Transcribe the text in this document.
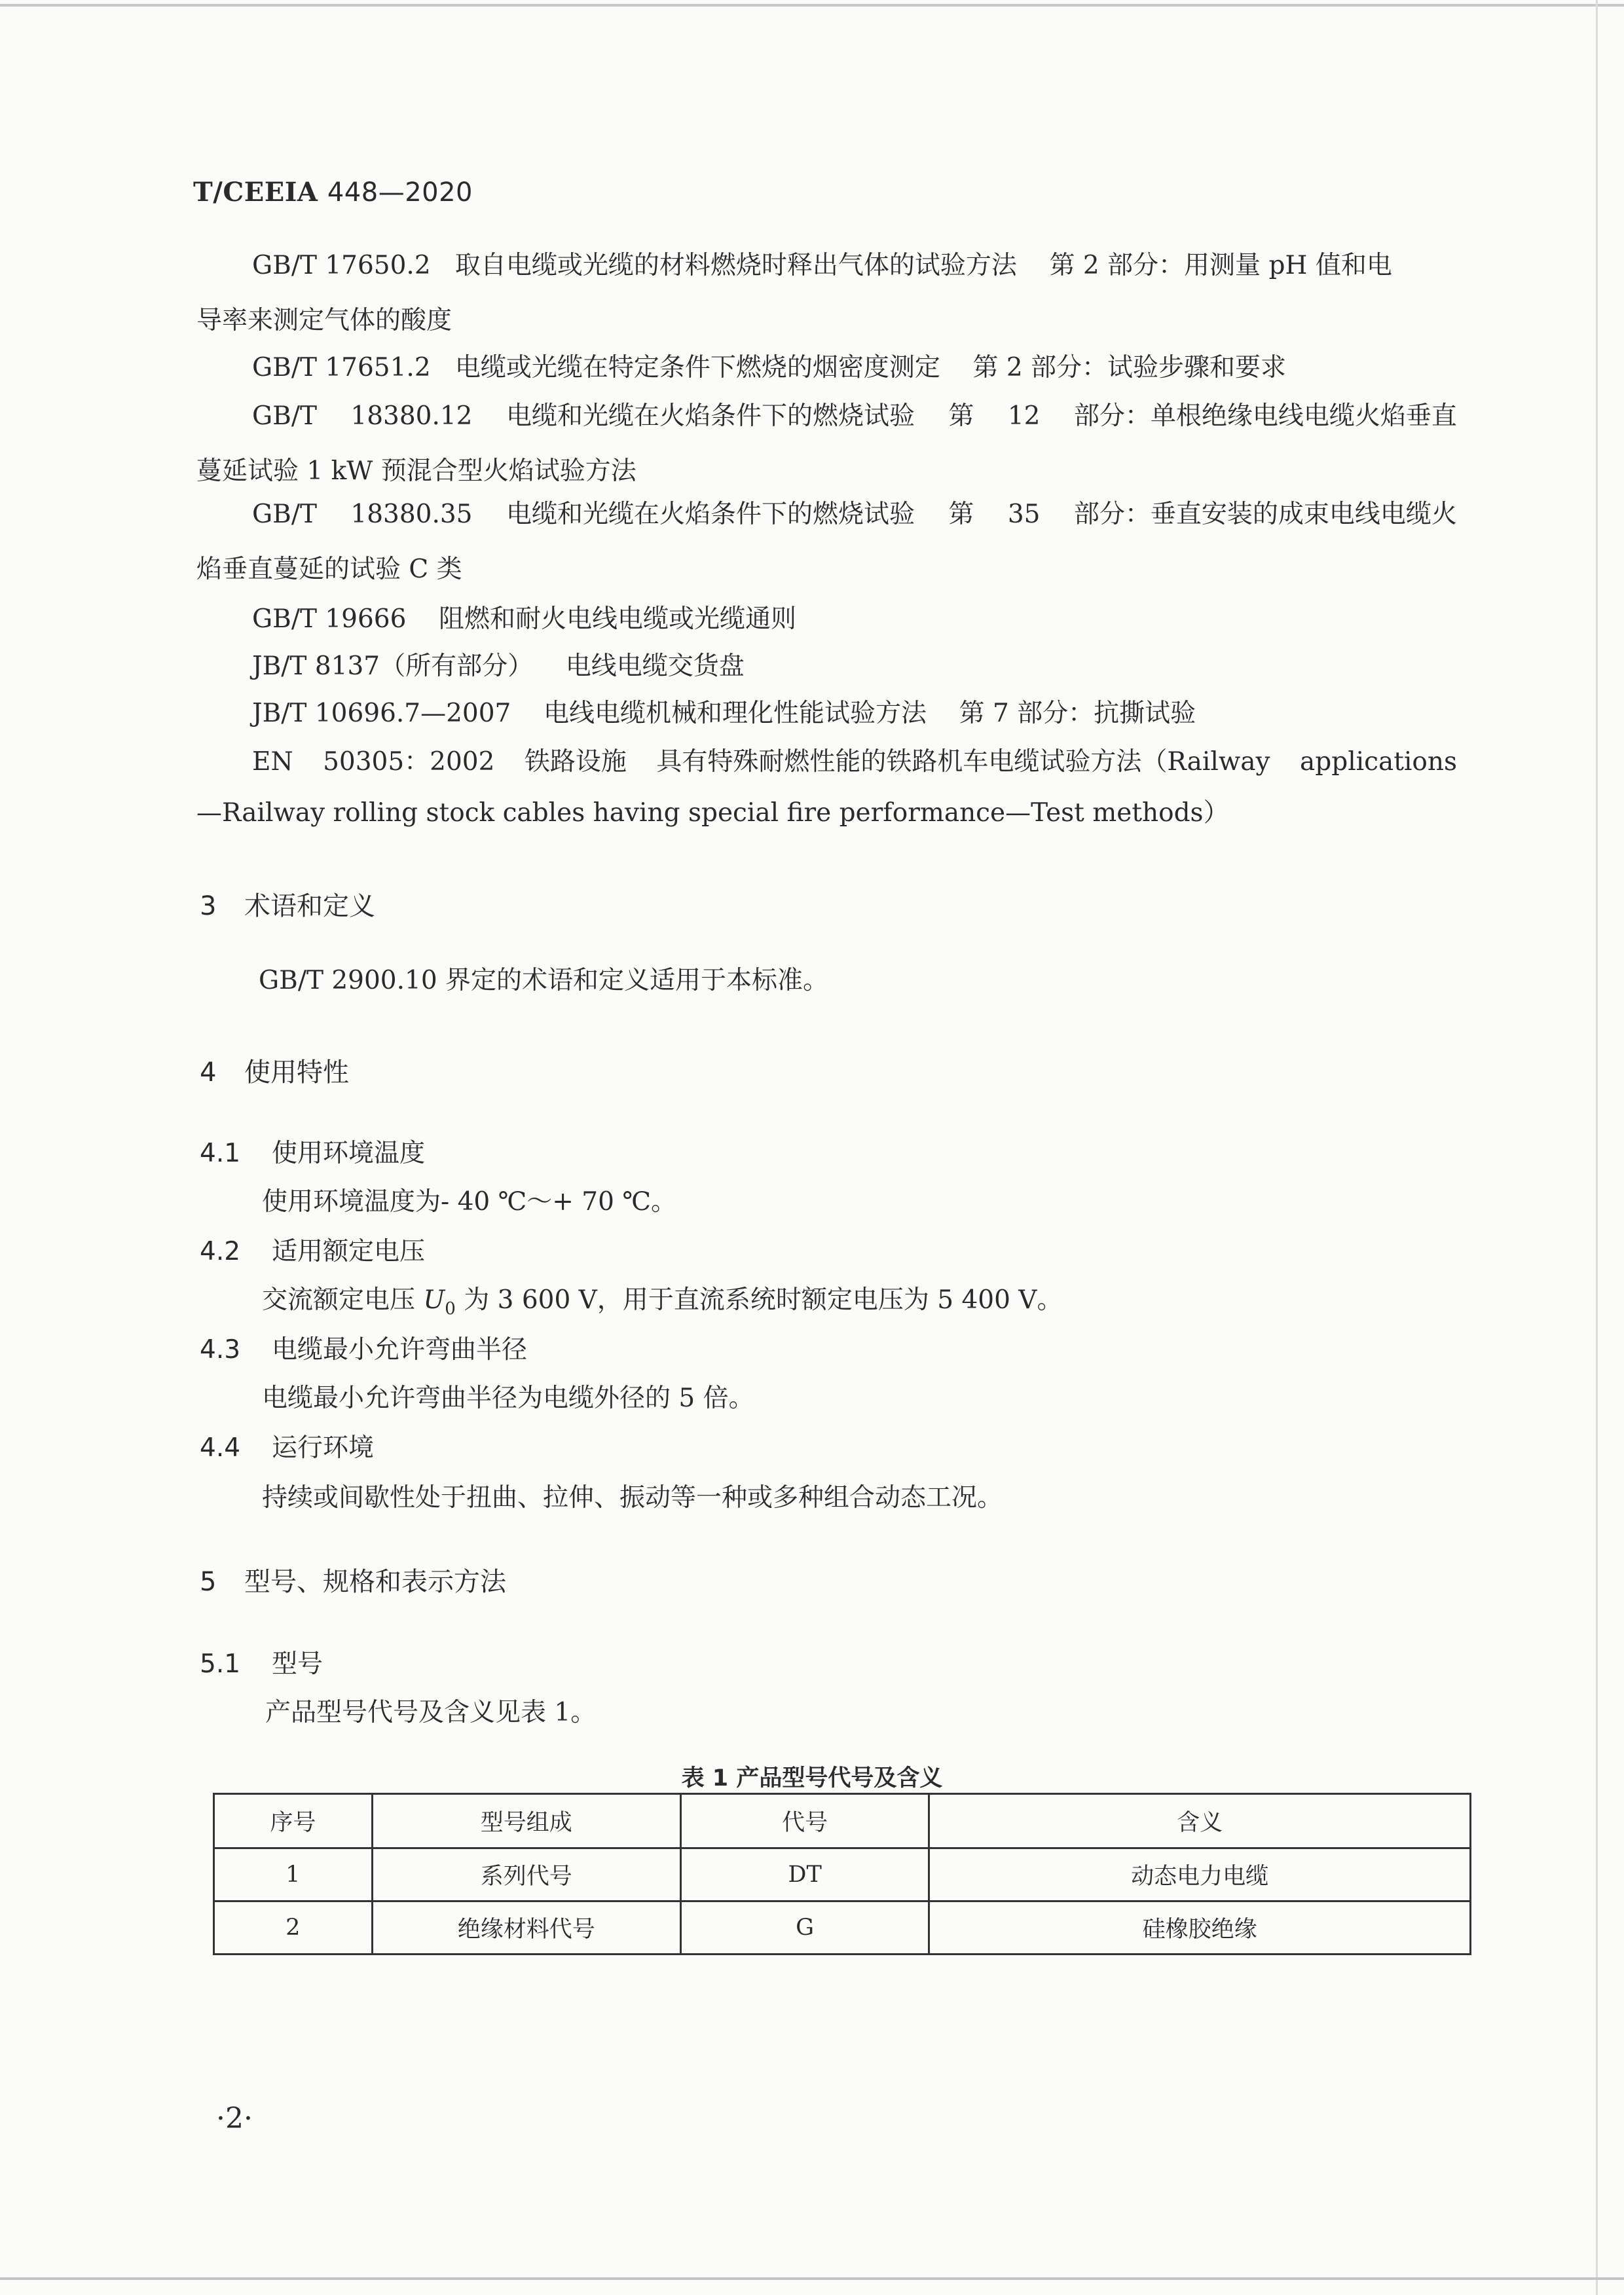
T/CEEIA 448—2020
GB/T 17650.2 取自电缆或光缆的材料燃烧时释出气体的试验方法 第 2 部分：用测量 pH 值和电
导率来测定气体的酸度
GB/T 17651.2 电缆或光缆在特定条件下燃烧的烟密度测定 第 2 部分：试验步骤和要求
GB/T 18380.12 电缆和光缆在火焰条件下的燃烧试验 第 12 部分：单根绝缘电线电缆火焰垂直
蔓延试验 1 kW 预混合型火焰试验方法
GB/T 18380.35 电缆和光缆在火焰条件下的燃烧试验 第 35 部分：垂直安装的成束电线电缆火
焰垂直蔓延的试验 C 类
GB/T 19666 阻燃和耐火电线电缆或光缆通则
JB/T 8137（所有部分） 电线电缆交货盘
JB/T 10696.7—2007 电线电缆机械和理化性能试验方法 第 7 部分：抗撕试验
EN 50305：2002 铁路设施 具有特殊耐燃性能的铁路机车电缆试验方法（Railway applications
—Railway rolling stock cables having special fire performance—Test methods）
3 术语和定义
GB/T 2900.10 界定的术语和定义适用于本标准。
4 使用特性
4.1 使用环境温度
使用环境温度为- 40 ℃～+ 70 ℃。
4.2 适用额定电压
交流额定电压 $U_0$ 为 3 600 V，用于直流系统时额定电压为 5 400 V。
4.3 电缆最小允许弯曲半径
电缆最小允许弯曲半径为电缆外径的 5 倍。
4.4 运行环境
持续或间歇性处于扭曲、拉伸、振动等一种或多种组合动态工况。
5 型号、规格和表示方法
5.1 型号
产品型号代号及含义见表 1。
表 1 产品型号代号及含义
序号	型号组成	代号	含义
1	系列代号	DT	动态电力电缆
2	绝缘材料代号	G	硅橡胶绝缘
·2·
